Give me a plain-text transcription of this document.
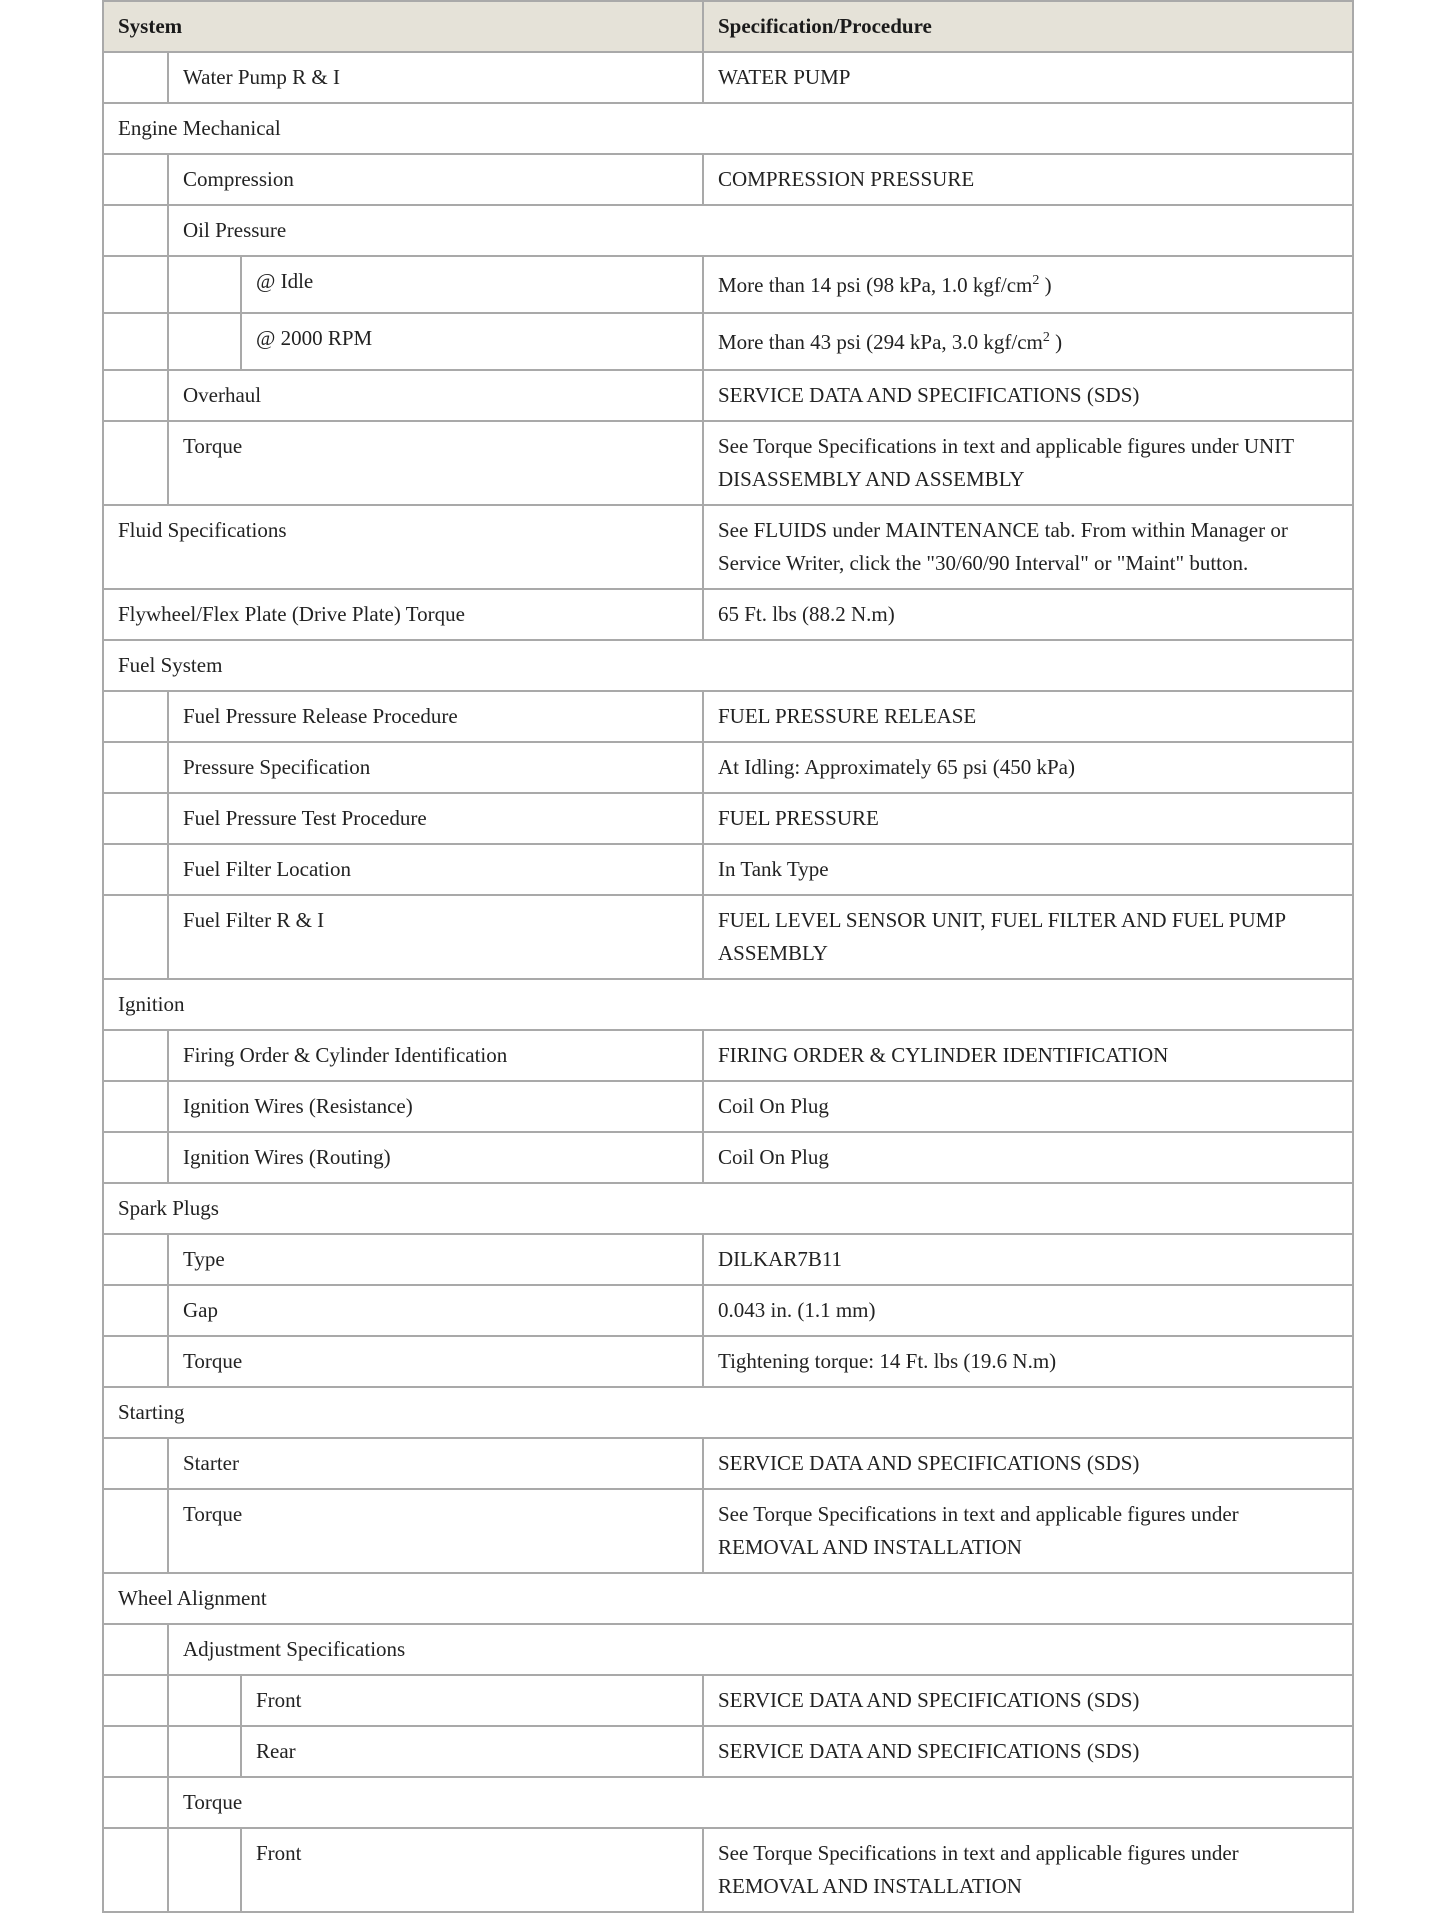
System			Specification/Procedure
	Water Pump R & I		WATER PUMP
Engine Mechanical			
	Compression		COMPRESSION PRESSURE
	Oil Pressure		
		@ Idle	More than 14 psi (98 kPa, 1.0 kgf/$cm^2$ )
		@ 2000 RPM	More than 43 psi (294 kPa, 3.0 kgf/$cm^2$ )
	Overhaul		SERVICE DATA AND SPECIFICATIONS (SDS)
	Torque		See Torque Specifications in text and applicable figures under UNIT DISASSEMBLY AND ASSEMBLY
Fluid Specifications			See FLUIDS under MAINTENANCE tab. From within Manager or Service Writer, click the "30/60/90 Interval" or "Maint" button.
Flywheel/Flex Plate (Drive Plate) Torque			65 Ft. lbs (88.2 N.m)
Fuel System			
	Fuel Pressure Release Procedure		FUEL PRESSURE RELEASE
	Pressure Specification		At Idling: Approximately 65 psi (450 kPa)
	Fuel Pressure Test Procedure		FUEL PRESSURE
	Fuel Filter Location		In Tank Type
	Fuel Filter R & I		FUEL LEVEL SENSOR UNIT, FUEL FILTER AND FUEL PUMP ASSEMBLY
Ignition			
	Firing Order & Cylinder Identification		FIRING ORDER & CYLINDER IDENTIFICATION
	Ignition Wires (Resistance)		Coil On Plug
	Ignition Wires (Routing)		Coil On Plug
Spark Plugs			
	Type		DILKAR7B11
	Gap		0.043 in. (1.1 mm)
	Torque		Tightening torque: 14 Ft. lbs (19.6 N.m)
Starting			
	Starter		SERVICE DATA AND SPECIFICATIONS (SDS)
	Torque		See Torque Specifications in text and applicable figures under REMOVAL AND INSTALLATION
Wheel Alignment			
	Adjustment Specifications		
		Front	SERVICE DATA AND SPECIFICATIONS (SDS)
		Rear	SERVICE DATA AND SPECIFICATIONS (SDS)
	Torque		
		Front	See Torque Specifications in text and applicable figures under REMOVAL AND INSTALLATION
